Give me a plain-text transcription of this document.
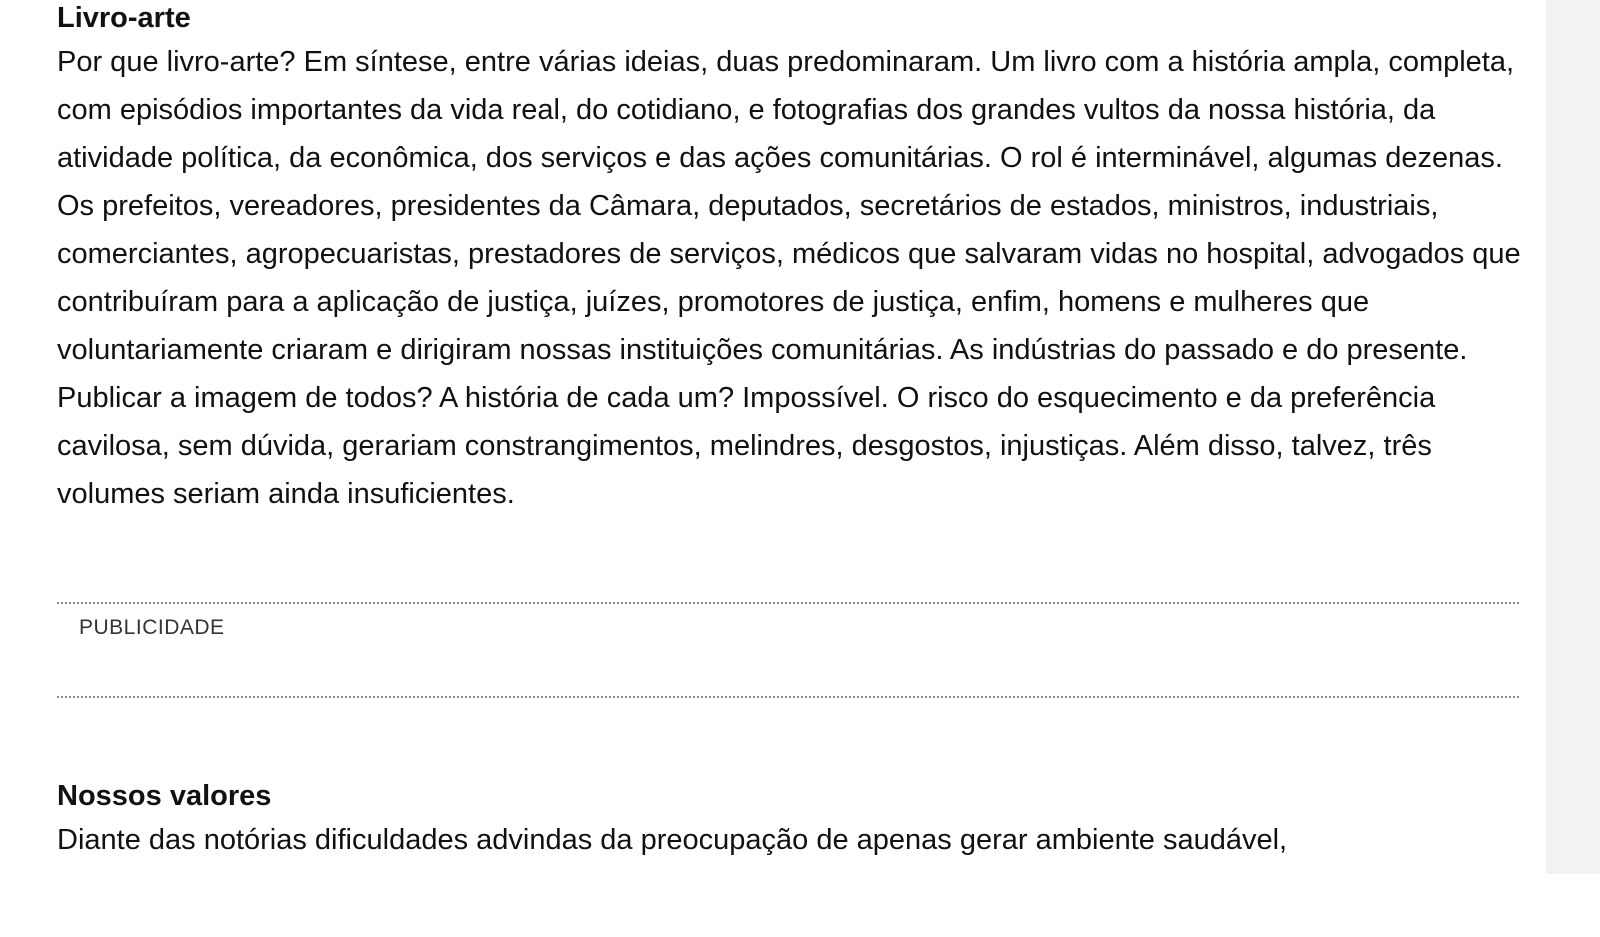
Livro-arte

Por que livro-arte? Em síntese, entre várias ideias, duas predominaram. Um livro com a história ampla, completa, com episódios importantes da vida real, do cotidiano, e fotografias dos grandes vultos da nossa história, da atividade política, da econômica, dos serviços e das ações comunitárias. O rol é interminável, algumas dezenas. Os prefeitos, vereadores, presidentes da Câmara, deputados, secretários de estados, ministros, industriais, comerciantes, agropecuaristas, prestadores de serviços, médicos que salvaram vidas no hospital, advogados que contribuíram para a aplicação de justiça, juízes, promotores de justiça, enfim, homens e mulheres que voluntariamente criaram e dirigiram nossas instituições comunitárias. As indústrias do passado e do presente. Publicar a imagem de todos? A história de cada um? Impossível. O risco do esquecimento e da preferência cavilosa, sem dúvida, gerariam constrangimentos, melindres, desgostos, injustiças. Além disso, talvez, três volumes seriam ainda insuficientes.

PUBLICIDADE
Nossos valores

Diante das notórias dificuldades advindas da preocupação de apenas gerar ambiente saudável,
